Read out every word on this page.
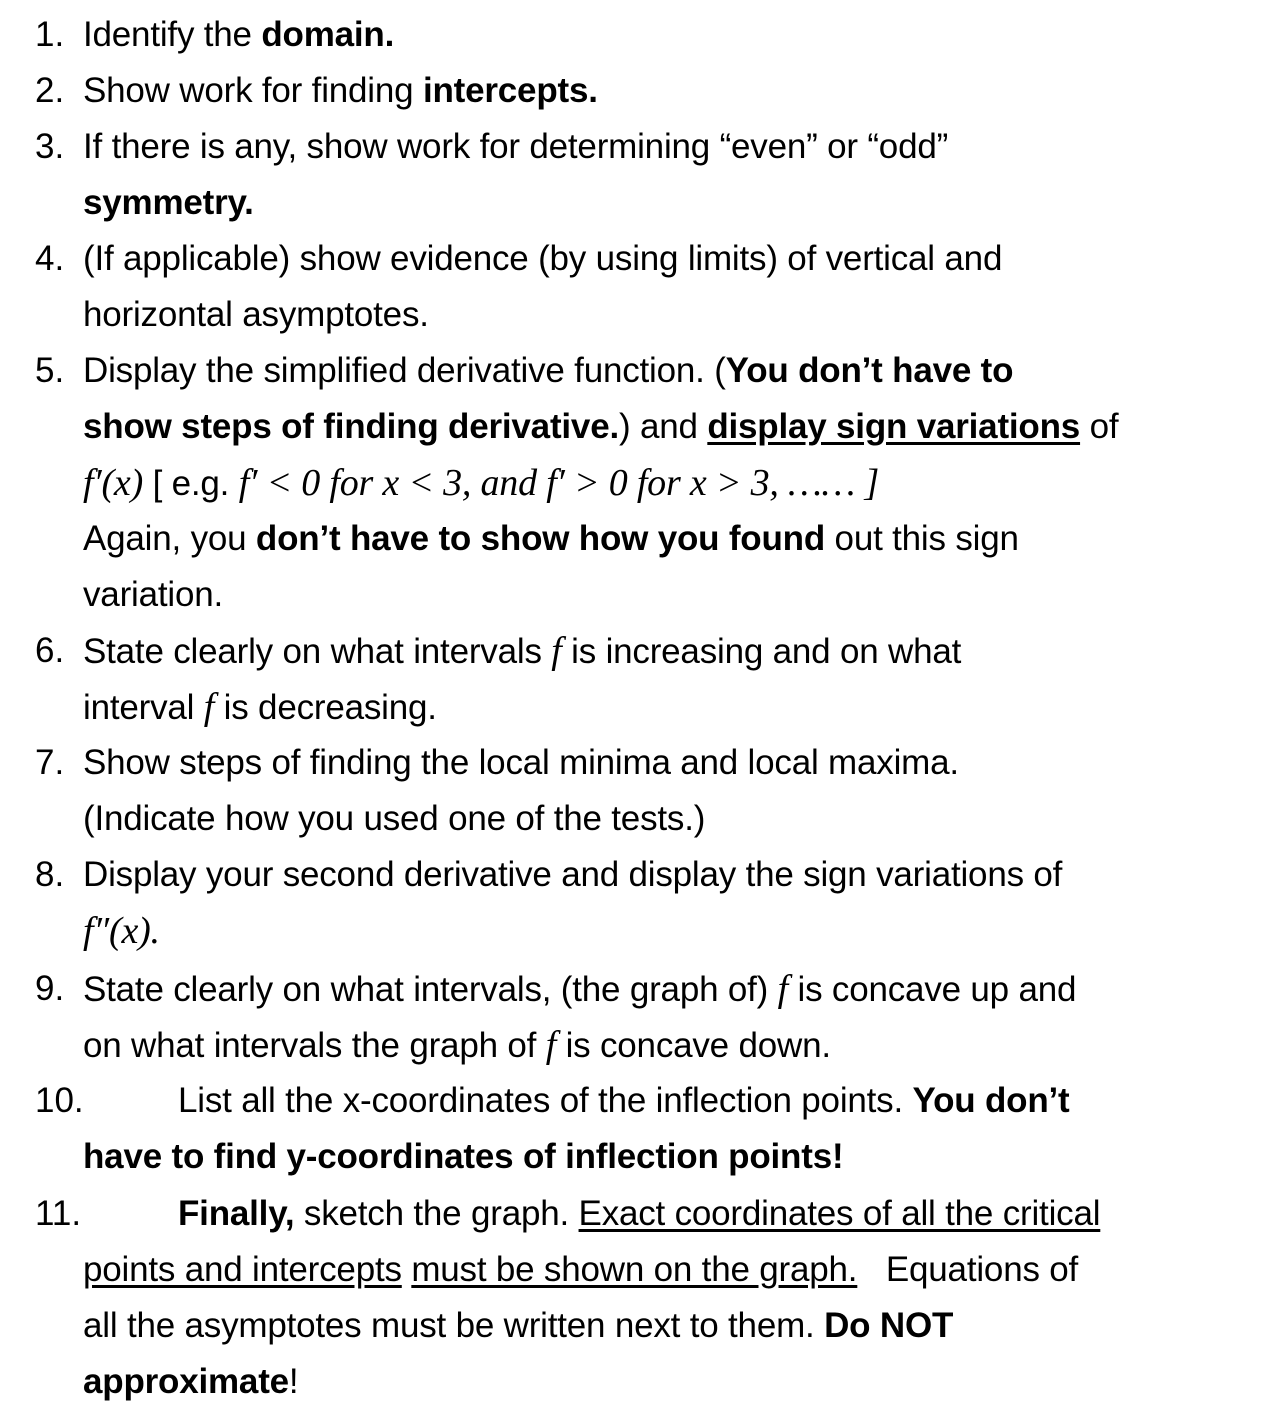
1. Identify the domain.
2. Show work for finding intercepts.
3. If there is any, show work for determining “even” or “odd”
symmetry.
4. (If applicable) show evidence (by using limits) of vertical and
horizontal asymptotes.
5. Display the simplified derivative function. (You don’t have to
show steps of finding derivative.) and display sign variations of
f′(x) [ e.g. f′ < 0 for x < 3, and f′ > 0 for x > 3, …… ]
Again, you don’t have to show how you found out this sign
variation.
6. State clearly on what intervals f is increasing and on what
interval f is decreasing.
7. Show steps of finding the local minima and local maxima.
(Indicate how you used one of the tests.)
8. Display your second derivative and display the sign variations of
f″(x).
9. State clearly on what intervals, (the graph of) f is concave up and
on what intervals the graph of f is concave down.
10.	List all the x-coordinates of the inflection points. You don’t
have to find y-coordinates of inflection points!
11.	Finally, sketch the graph. Exact coordinates of all the critical
points and intercepts must be shown on the graph.   Equations of
all the asymptotes must be written next to them. Do NOT
approximate!
